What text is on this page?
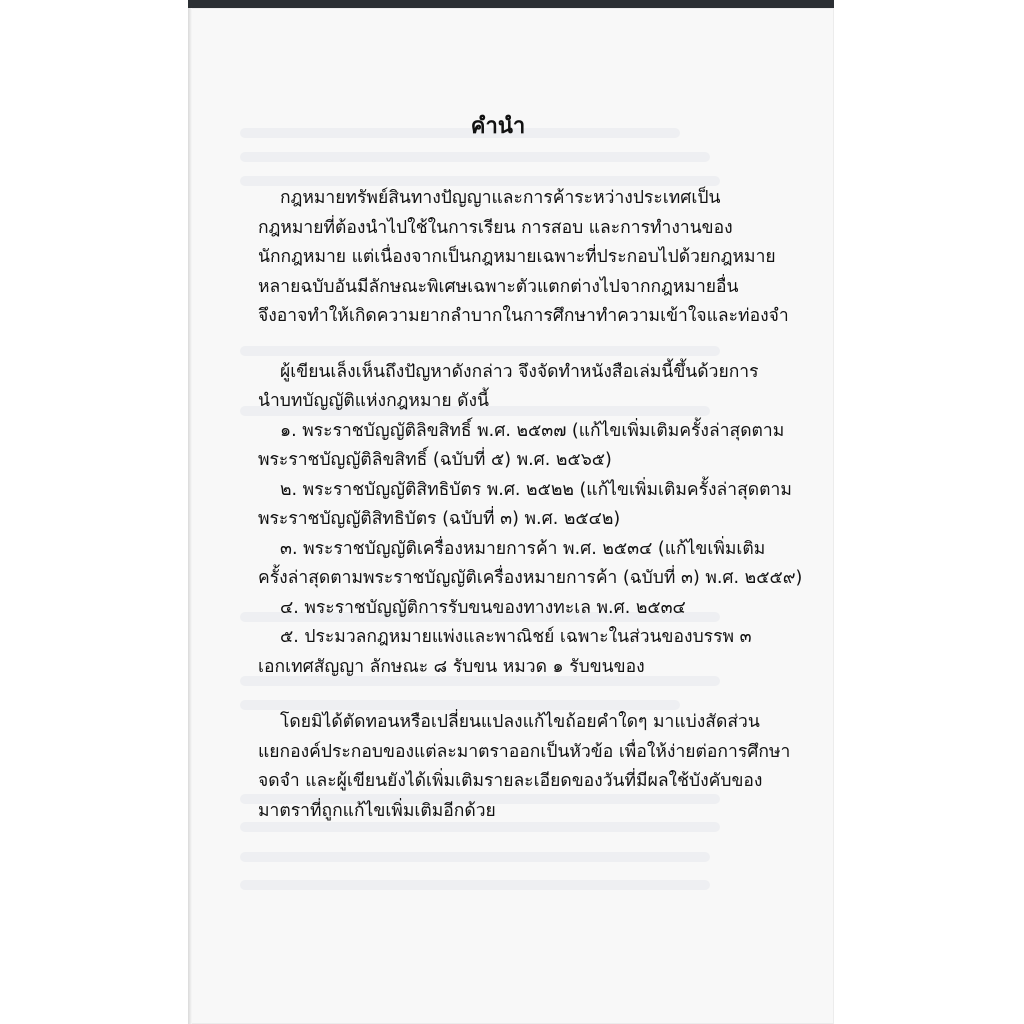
คำนำ
กฎหมายทรัพย์สินทางปัญญาและการค้าระหว่างประเทศเป็น
กฎหมายที่ต้องนำไปใช้ในการเรียน การสอบ และการทำงานของ
นักกฎหมาย แต่เนื่องจากเป็นกฎหมายเฉพาะที่ประกอบไปด้วยกฎหมาย
หลายฉบับอันมีลักษณะพิเศษเฉพาะตัวแตกต่างไปจากกฎหมายอื่น
จึงอาจทำให้เกิดความยากลำบากในการศึกษาทำความเข้าใจและท่องจำ
ผู้เขียนเล็งเห็นถึงปัญหาดังกล่าว จึงจัดทำหนังสือเล่มนี้ขึ้นด้วยการ
นำบทบัญญัติแห่งกฎหมาย ดังนี้
๑. พระราชบัญญัติลิขสิทธิ์ พ.ศ. ๒๕๓๗ (แก้ไขเพิ่มเติมครั้งล่าสุดตาม
พระราชบัญญัติลิขสิทธิ์ (ฉบับที่ ๕) พ.ศ. ๒๕๖๕)
๒. พระราชบัญญัติสิทธิบัตร พ.ศ. ๒๕๒๒ (แก้ไขเพิ่มเติมครั้งล่าสุดตาม
พระราชบัญญัติสิทธิบัตร (ฉบับที่ ๓) พ.ศ. ๒๕๔๒)
๓. พระราชบัญญัติเครื่องหมายการค้า พ.ศ. ๒๕๓๔ (แก้ไขเพิ่มเติม
ครั้งล่าสุดตามพระราชบัญญัติเครื่องหมายการค้า (ฉบับที่ ๓) พ.ศ. ๒๕๕๙)
๔. พระราชบัญญัติการรับขนของทางทะเล พ.ศ. ๒๕๓๔
๕. ประมวลกฎหมายแพ่งและพาณิชย์ เฉพาะในส่วนของบรรพ ๓
เอกเทศสัญญา ลักษณะ ๘ รับขน หมวด ๑ รับขนของ
โดยมิได้ตัดทอนหรือเปลี่ยนแปลงแก้ไขถ้อยคำใดๆ มาแบ่งสัดส่วน
แยกองค์ประกอบของแต่ละมาตราออกเป็นหัวข้อ เพื่อให้ง่ายต่อการศึกษา
จดจำ และผู้เขียนยังได้เพิ่มเติมรายละเอียดของวันที่มีผลใช้บังคับของ
มาตราที่ถูกแก้ไขเพิ่มเติมอีกด้วย
